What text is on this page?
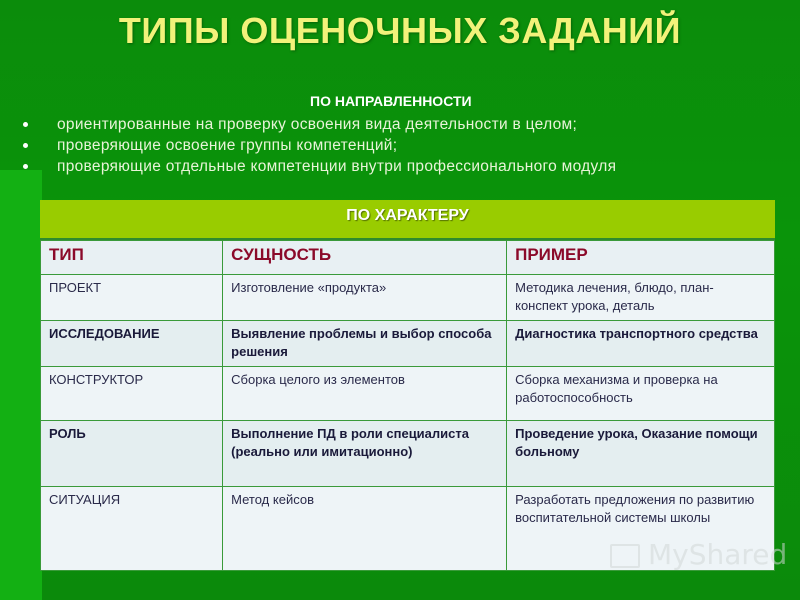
ТИПЫ ОЦЕНОЧНЫХ ЗАДАНИЙ
ПО НАПРАВЛЕННОСТИ
ориентированные на проверку освоения вида деятельности в целом;
проверяющие освоение группы компетенций;
проверяющие отдельные компетенции внутри профессионального модуля
ПО ХАРАКТЕРУ
ТИП	СУЩНОСТЬ	ПРИМЕР
ПРОЕКТ	Изготовление «продукта»	Методика лечения, блюдо, план-конспект урока, деталь
ИССЛЕДОВАНИЕ	Выявление проблемы и выбор способа решения	Диагностика транспортного средства
КОНСТРУКТОР	Сборка целого из элементов	Сборка механизма и проверка на работоспособность
РОЛЬ	Выполнение ПД в роли специалиста (реально или имитационно)	Проведение урока, Оказание помощи больному
СИТУАЦИЯ	Метод кейсов	Разработать предложения по развитию воспитательной системы школы
MyShared
